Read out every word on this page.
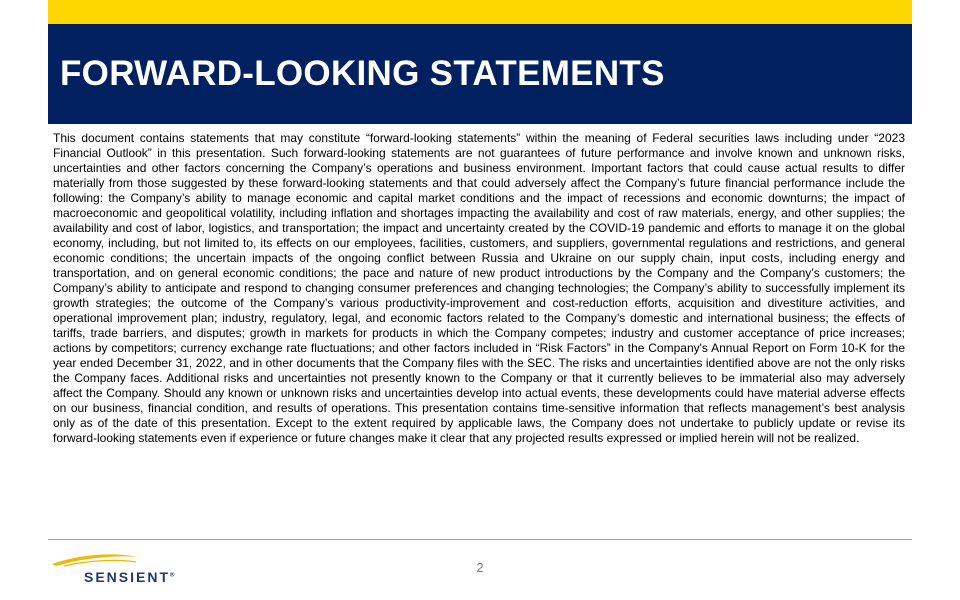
FORWARD-LOOKING STATEMENTS

This document contains statements that may constitute “forward-looking statements” within the meaning of Federal securities laws including under “2023 Financial Outlook” in this presentation. Such forward-looking statements are not guarantees of future performance and involve known and unknown risks, uncertainties and other factors concerning the Company’s operations and business environment. Important factors that could cause actual results to differ materially from those suggested by these forward-looking statements and that could adversely affect the Company’s future financial performance include the following: the Company’s ability to manage economic and capital market conditions and the impact of recessions and economic downturns; the impact of macroeconomic and geopolitical volatility, including inflation and shortages impacting the availability and cost of raw materials, energy, and other supplies; the availability and cost of labor, logistics, and transportation; the impact and uncertainty created by the COVID-19 pandemic and efforts to manage it on the global economy, including, but not limited to, its effects on our employees, facilities, customers, and suppliers, governmental regulations and restrictions, and general economic conditions; the uncertain impacts of the ongoing conflict between Russia and Ukraine on our supply chain, input costs, including energy and transportation, and on general economic conditions; the pace and nature of new product introductions by the Company and the Company’s customers; the Company’s ability to anticipate and respond to changing consumer preferences and changing technologies; the Company’s ability to successfully implement its growth strategies; the outcome of the Company’s various productivity-improvement and cost-reduction efforts, acquisition and divestiture activities, and operational improvement plan; industry, regulatory, legal, and economic factors related to the Company’s domestic and international business; the effects of tariffs, trade barriers, and disputes; growth in markets for products in which the Company competes; industry and customer acceptance of price increases; actions by competitors; currency exchange rate fluctuations; and other factors included in “Risk Factors” in the Company's Annual Report on Form 10-K for the year ended December 31, 2022, and in other documents that the Company files with the SEC. The risks and uncertainties identified above are not the only risks the Company faces. Additional risks and uncertainties not presently known to the Company or that it currently believes to be immaterial also may adversely affect the Company. Should any known or unknown risks and uncertainties develop into actual events, these developments could have material adverse effects on our business, financial condition, and results of operations. This presentation contains time-sensitive information that reflects management’s best analysis only as of the date of this presentation. Except to the extent required by applicable laws, the Company does not undertake to publicly update or revise its forward-looking statements even if experience or future changes make it clear that any projected results expressed or implied herein will not be realized.

SENSIENT®
2
